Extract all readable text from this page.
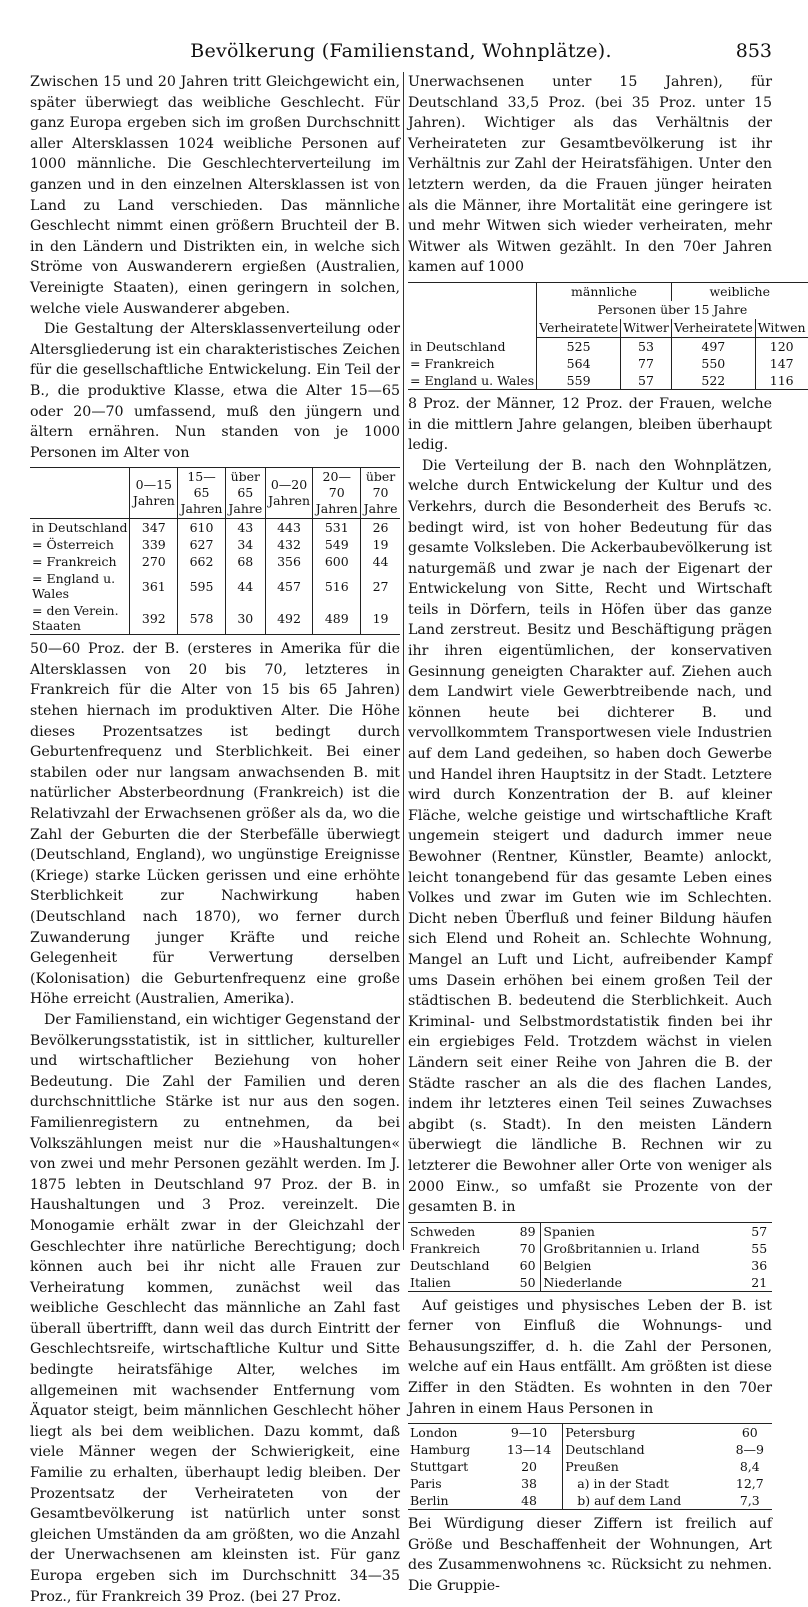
Bevölkerung (Familienstand, Wohnplätze).	853

Zwischen 15 und 20 Jahren tritt Gleichgewicht ein, später überwiegt das weibliche Geschlecht. Für ganz Europa ergeben sich im großen Durchschnitt aller Altersklassen 1024 weibliche Personen auf 1000 männliche. Die Geschlechterverteilung im ganzen und in den einzelnen Altersklassen ist von Land zu Land verschieden. Das männliche Geschlecht nimmt einen größern Bruchteil der B. in den Ländern und Distrikten ein, in welche sich Ströme von Auswanderern ergießen (Australien, Vereinigte Staaten), einen geringern in solchen, welche viele Auswanderer abgeben.

Die Gestaltung der Altersklassenverteilung oder Altersgliederung ist ein charakteristisches Zeichen für die gesellschaftliche Entwickelung. Ein Teil der B., die produktive Klasse, etwa die Alter 15—65 oder 20—70 umfassend, muß den jüngern und ältern ernähren. Nun standen von je 1000 Personen im Alter von

	0—15 Jahren	15—65 Jahren	über 65 Jahre	0—20 Jahren	20—70 Jahren	über 70 Jahre
in Deutschland	347	610	43	443	531	26
= Österreich	339	627	34	432	549	19
= Frankreich	270	662	68	356	600	44
= England u. Wales	361	595	44	457	516	27
= den Verein. Staaten	392	578	30	492	489	19

50—60 Proz. der B. (ersteres in Amerika für die Altersklassen von 20 bis 70, letzteres in Frankreich für die Alter von 15 bis 65 Jahren) stehen hiernach im produktiven Alter. Die Höhe dieses Prozentsatzes ist bedingt durch Geburtenfrequenz und Sterblichkeit. Bei einer stabilen oder nur langsam anwachsenden B. mit natürlicher Absterbeordnung (Frankreich) ist die Relativzahl der Erwachsenen größer als da, wo die Zahl der Geburten die der Sterbefälle überwiegt (Deutschland, England), wo ungünstige Ereignisse (Kriege) starke Lücken gerissen und eine erhöhte Sterblichkeit zur Nachwirkung haben (Deutschland nach 1870), wo ferner durch Zuwanderung junger Kräfte und reiche Gelegenheit für Verwertung derselben (Kolonisation) die Geburtenfrequenz eine große Höhe erreicht (Australien, Amerika).

Der Familienstand, ein wichtiger Gegenstand der Bevölkerungsstatistik, ist in sittlicher, kultureller und wirtschaftlicher Beziehung von hoher Bedeutung. Die Zahl der Familien und deren durchschnittliche Stärke ist nur aus den sogen. Familienregistern zu entnehmen, da bei Volkszählungen meist nur die »Haushaltungen« von zwei und mehr Personen gezählt werden. Im J. 1875 lebten in Deutschland 97 Proz. der B. in Haushaltungen und 3 Proz. vereinzelt. Die Monogamie erhält zwar in der Gleichzahl der Geschlechter ihre natürliche Berechtigung; doch können auch bei ihr nicht alle Frauen zur Verheiratung kommen, zunächst weil das weibliche Geschlecht das männliche an Zahl fast überall übertrifft, dann weil das durch Eintritt der Geschlechtsreife, wirtschaftliche Kultur und Sitte bedingte heiratsfähige Alter, welches im allgemeinen mit wachsender Entfernung vom Äquator steigt, beim männlichen Geschlecht höher liegt als bei dem weiblichen. Dazu kommt, daß viele Männer wegen der Schwierigkeit, eine Familie zu erhalten, überhaupt ledig bleiben. Der Prozentsatz der Verheirateten von der Gesamtbevölkerung ist natürlich unter sonst gleichen Umständen da am größten, wo die Anzahl der Unerwachsenen am kleinsten ist. Für ganz Europa ergeben sich im Durchschnitt 34—35 Proz., für Frankreich 39 Proz. (bei 27 Proz.

Unerwachsenen unter 15 Jahren), für Deutschland 33,5 Proz. (bei 35 Proz. unter 15 Jahren). Wichtiger als das Verhältnis der Verheirateten zur Gesamtbevölkerung ist ihr Verhältnis zur Zahl der Heiratsfähigen. Unter den letztern werden, da die Frauen jünger heiraten als die Männer, ihre Mortalität eine geringere ist und mehr Witwen sich wieder verheiraten, mehr Witwer als Witwen gezählt. In den 70er Jahren kamen auf 1000

	männliche		weibliche	
	Personen über 15 Jahre			
	Verheiratete	Witwer	Verheiratete	Witwen
in Deutschland	525	53	497	120
= Frankreich	564	77	550	147
= England u. Wales	559	57	522	116

8 Proz. der Männer, 12 Proz. der Frauen, welche in die mittlern Jahre gelangen, bleiben überhaupt ledig.

Die Verteilung der B. nach den Wohnplätzen, welche durch Entwickelung der Kultur und des Verkehrs, durch die Besonderheit des Berufs ꝛc. bedingt wird, ist von hoher Bedeutung für das gesamte Volksleben. Die Ackerbaubevölkerung ist naturgemäß und zwar je nach der Eigenart der Entwickelung von Sitte, Recht und Wirtschaft teils in Dörfern, teils in Höfen über das ganze Land zerstreut. Besitz und Beschäftigung prägen ihr ihren eigentümlichen, der konservativen Gesinnung geneigten Charakter auf. Ziehen auch dem Landwirt viele Gewerbtreibende nach, und können heute bei dichterer B. und vervollkommtem Transportwesen viele Industrien auf dem Land gedeihen, so haben doch Gewerbe und Handel ihren Hauptsitz in der Stadt. Letztere wird durch Konzentration der B. auf kleiner Fläche, welche geistige und wirtschaftliche Kraft ungemein steigert und dadurch immer neue Bewohner (Rentner, Künstler, Beamte) anlockt, leicht tonangebend für das gesamte Leben eines Volkes und zwar im Guten wie im Schlechten. Dicht neben Überfluß und feiner Bildung häufen sich Elend und Roheit an. Schlechte Wohnung, Mangel an Luft und Licht, aufreibender Kampf ums Dasein erhöhen bei einem großen Teil der städtischen B. bedeutend die Sterblichkeit. Auch Kriminal- und Selbstmordstatistik finden bei ihr ein ergiebiges Feld. Trotzdem wächst in vielen Ländern seit einer Reihe von Jahren die B. der Städte rascher an als die des flachen Landes, indem ihr letzteres einen Teil seines Zuwachses abgibt (s. Stadt). In den meisten Ländern überwiegt die ländliche B. Rechnen wir zu letzterer die Bewohner aller Orte von weniger als 2000 Einw., so umfaßt sie Prozente von der gesamten B. in

Schweden	89	Spanien	57
Frankreich	70	Großbritannien u. Irland	55
Deutschland	60	Belgien	36
Italien	50	Niederlande	21

Auf geistiges und physisches Leben der B. ist ferner von Einfluß die Wohnungs- und Behausungsziffer, d. h. die Zahl der Personen, welche auf ein Haus entfällt. Am größten ist diese Ziffer in den Städten. Es wohnten in den 70er Jahren in einem Haus Personen in

London	9—10	Petersburg	60
Hamburg	13—14	Deutschland	8—9
Stuttgart	20	Preußen	8,4
Paris	38	a) in der Stadt	12,7
Berlin	48	b) auf dem Land	7,3

Bei Würdigung dieser Ziffern ist freilich auf Größe und Beschaffenheit der Wohnungen, Art des Zusammenwohnens ꝛc. Rücksicht zu nehmen. Die Gruppie-
